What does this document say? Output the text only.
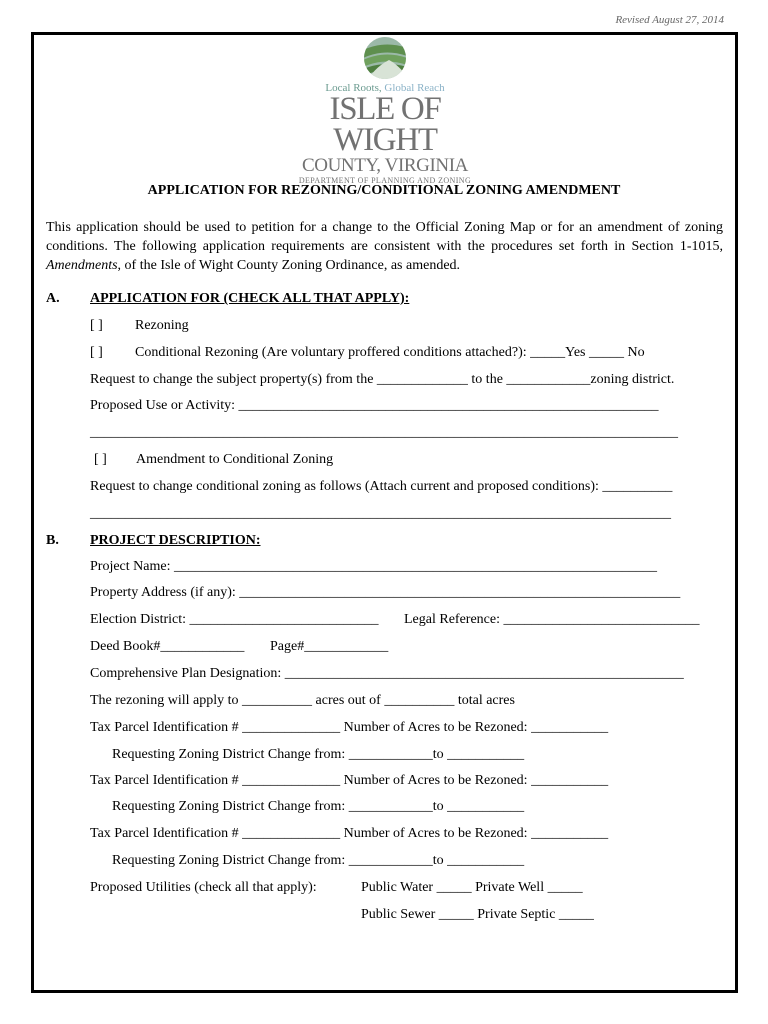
Revised August 27, 2014
Local Roots, Global Reach
ISLE OF WIGHT
COUNTY, VIRGINIA
DEPARTMENT OF PLANNING AND ZONING
APPLICATION FOR REZONING/CONDITIONAL ZONING AMENDMENT
This application should be used to petition for a change to the Official Zoning Map or for an amendment of zoning conditions. The following application requirements are consistent with the procedures set forth in Section 1-1015, Amendments, of the Isle of Wight County Zoning Ordinance, as amended.
A. APPLICATION FOR (CHECK ALL THAT APPLY):
[ ] Rezoning
[ ] Conditional Rezoning (Are voluntary proffered conditions attached?): _____Yes _____ No
Request to change the subject property(s) from the _____________ to the ____________zoning district.
Proposed Use or Activity: ____________________________________________________________
____________________________________________________________________________________
[ ] Amendment to Conditional Zoning
Request to change conditional zoning as follows (Attach current and proposed conditions): __________
___________________________________________________________________________________
B. PROJECT DESCRIPTION:
Project Name: _____________________________________________________________________
Property Address (if any): _______________________________________________________________
Election District: ___________________________ Legal Reference: ____________________________
Deed Book#____________ Page#____________
Comprehensive Plan Designation: _________________________________________________________
The rezoning will apply to __________ acres out of __________ total acres
Tax Parcel Identification # ______________ Number of Acres to be Rezoned: ___________
Requesting Zoning District Change from: ____________to ___________
Tax Parcel Identification # ______________ Number of Acres to be Rezoned: ___________
Requesting Zoning District Change from: ____________to ___________
Tax Parcel Identification # ______________ Number of Acres to be Rezoned: ___________
Requesting Zoning District Change from: ____________to ___________
Proposed Utilities (check all that apply):	Public Water _____ Private Well _____
Public Sewer _____ Private Septic _____
